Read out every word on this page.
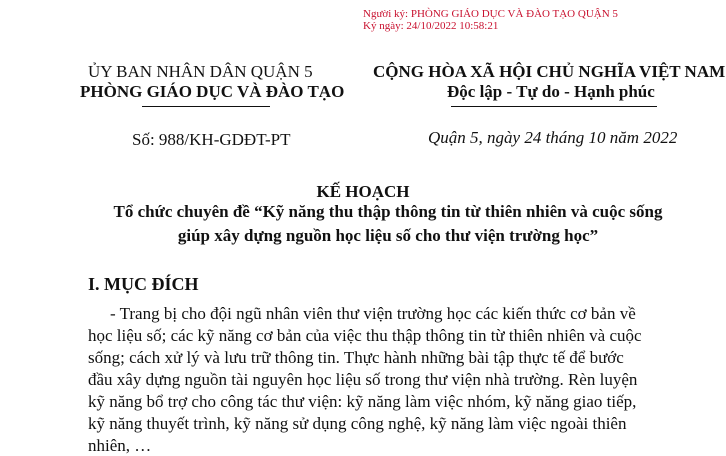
Người ký: PHÒNG GIÁO DỤC VÀ ĐÀO TẠO QUẬN 5
Ký ngày: 24/10/2022 10:58:21
ỦY BAN NHÂN DÂN QUẬN 5
PHÒNG GIÁO DỤC VÀ ĐÀO TẠO
CỘNG HÒA XÃ HỘI CHỦ NGHĨA VIỆT NAM
Độc lập - Tự do - Hạnh phúc
Số: 988/KH-GDĐT-PT	Quận 5, ngày 24 tháng 10 năm 2022
KẾ HOẠCH
Tổ chức chuyên đề “Kỹ năng thu thập thông tin từ thiên nhiên và cuộc sống
giúp xây dựng nguồn học liệu số cho thư viện trường học”
I. MỤC ĐÍCH
- Trang bị cho đội ngũ nhân viên thư viện trường học các kiến thức cơ bản về
học liệu số; các kỹ năng cơ bản của việc thu thập thông tin từ thiên nhiên và cuộc
sống; cách xử lý và lưu trữ thông tin. Thực hành những bài tập thực tế để bước
đầu xây dựng nguồn tài nguyên học liệu số trong thư viện nhà trường. Rèn luyện
kỹ năng bổ trợ cho công tác thư viện: kỹ năng làm việc nhóm, kỹ năng giao tiếp,
kỹ năng thuyết trình, kỹ năng sử dụng công nghệ, kỹ năng làm việc ngoài thiên
nhiên, …
